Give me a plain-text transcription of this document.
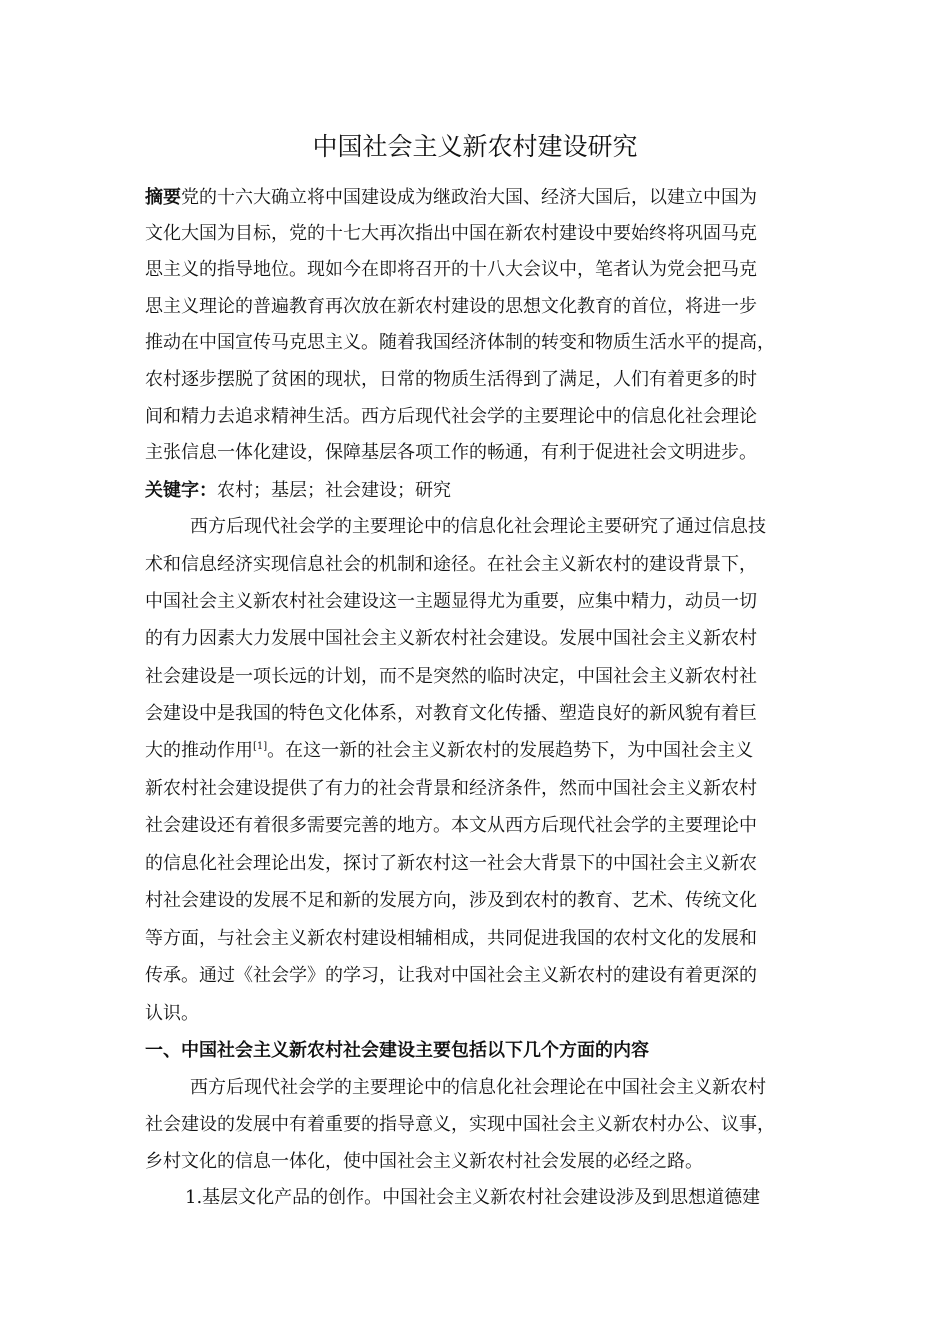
中国社会主义新农村建设研究
摘要党的十六大确立将中国建设成为继政治大国、经济大国后，以建立中国为
文化大国为目标，党的十七大再次指出中国在新农村建设中要始终将巩固马克
思主义的指导地位。现如今在即将召开的十八大会议中，笔者认为党会把马克
思主义理论的普遍教育再次放在新农村建设的思想文化教育的首位，将进一步
推动在中国宣传马克思主义。随着我国经济体制的转变和物质生活水平的提高，
农村逐步摆脱了贫困的现状，日常的物质生活得到了满足，人们有着更多的时
间和精力去追求精神生活。西方后现代社会学的主要理论中的信息化社会理论
主张信息一体化建设，保障基层各项工作的畅通，有利于促进社会文明进步。
关键字：农村；基层；社会建设；研究
西方后现代社会学的主要理论中的信息化社会理论主要研究了通过信息技
术和信息经济实现信息社会的机制和途径。在社会主义新农村的建设背景下，
中国社会主义新农村社会建设这一主题显得尤为重要，应集中精力，动员一切
的有力因素大力发展中国社会主义新农村社会建设。发展中国社会主义新农村
社会建设是一项长远的计划，而不是突然的临时决定，中国社会主义新农村社
会建设中是我国的特色文化体系，对教育文化传播、塑造良好的新风貌有着巨
大的推动作用[1]。在这一新的社会主义新农村的发展趋势下，为中国社会主义
新农村社会建设提供了有力的社会背景和经济条件，然而中国社会主义新农村
社会建设还有着很多需要完善的地方。本文从西方后现代社会学的主要理论中
的信息化社会理论出发，探讨了新农村这一社会大背景下的中国社会主义新农
村社会建设的发展不足和新的发展方向，涉及到农村的教育、艺术、传统文化
等方面，与社会主义新农村建设相辅相成，共同促进我国的农村文化的发展和
传承。通过《社会学》的学习，让我对中国社会主义新农村的建设有着更深的
认识。
一、中国社会主义新农村社会建设主要包括以下几个方面的内容
西方后现代社会学的主要理论中的信息化社会理论在中国社会主义新农村
社会建设的发展中有着重要的指导意义，实现中国社会主义新农村办公、议事，
乡村文化的信息一体化，使中国社会主义新农村社会发展的必经之路。
1.基层文化产品的创作。中国社会主义新农村社会建设涉及到思想道德建
